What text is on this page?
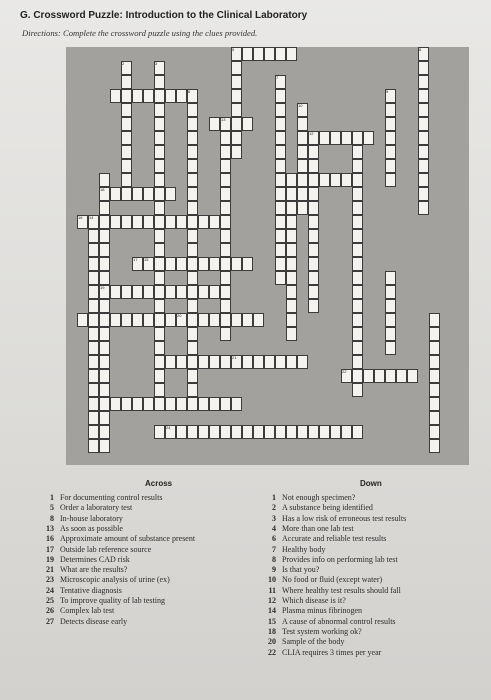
G. Crossword Puzzle: Introduction to the Clinical Laboratory
Directions: Complete the crossword puzzle using the clues provided.
5	8
2	3
7
6	9
18
19
10
13
12
16 14
17 15
20
21
22
24
Across	Down
1 For documenting control results
5 Order a laboratory test
8 In-house laboratory
13 As soon as possible
16 Approximate amount of substance present
17 Outside lab reference source
19 Determines CAD risk
21 What are the results?
23 Microscopic analysis of urine (ex)
24 Tentative diagnosis
25 To improve quality of lab testing
26 Complex lab test
27 Detects disease early
1 Not enough specimen?
2 A substance being identified
3 Has a low risk of erroneous test results
4 More than one lab test
6 Accurate and reliable test results
7 Healthy body
8 Provides info on performing lab test
9 Is that you?
10 No food or fluid (except water)
11 Where healthy test results should fall
12 Which disease is it?
14 Plasma minus fibrinogen
15 A cause of abnormal control results
18 Test system working ok?
20 Sample of the body
22 CLIA requires 3 times per year
